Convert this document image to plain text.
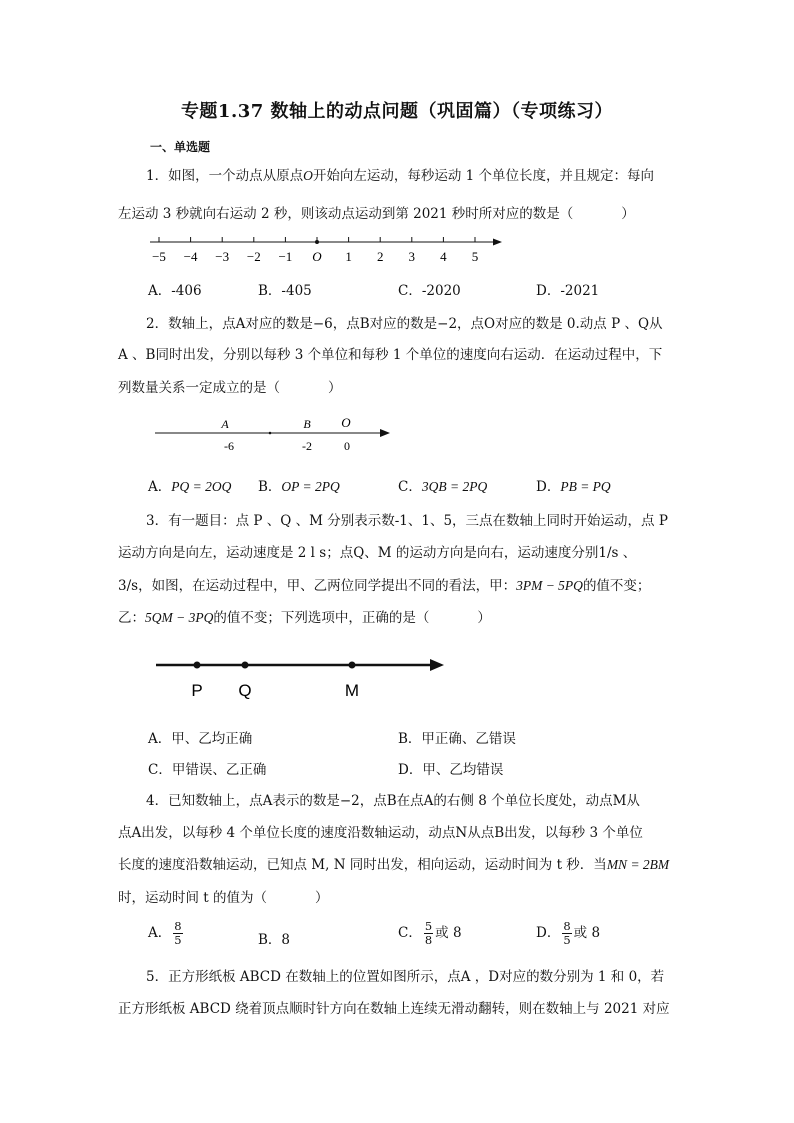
专题1.37 数轴上的动点问题（巩固篇）（专项练习）
一、单选题
1．如图，一个动点从原点O开始向左运动，每秒运动 1 个单位长度，并且规定：每向
左运动 3 秒就向右运动 2 秒，则该动点运动到第 2021 秒时所对应的数是（	）
−5 −4 −3 −2 −1 O 1 2 3 4 5
A．-406	B．-405	C．-2020	D．-2021
2．数轴上，点A对应的数是−6，点B对应的数是−2，点O对应的数是 0.动点 P 、Q从
A 、B同时出发，分别以每秒 3 个单位和每秒 1 个单位的速度向右运动．在运动过程中，下
列数量关系一定成立的是（	）
A	B O
-6	-2	0
A．PQ = 2OQ B．OP = 2PQ	C．3QB = 2PQ	D．PB = PQ
3．有一题目：点 P 、Q 、M 分别表示数-1、1、5，三点在数轴上同时开始运动，点 P
运动方向是向左，运动速度是 2 l s；点Q、M 的运动方向是向右，运动速度分别1/s 、
3/s，如图，在运动过程中，甲、乙两位同学提出不同的看法，甲：3PM − 5PQ的值不变；
乙：5QM − 3PQ的值不变；下列选项中，正确的是（	）
P Q	M
A．甲、乙均正确	B．甲正确、乙错误
C．甲错误、乙正确	D．甲、乙均错误
4．已知数轴上，点A表示的数是−2，点B在点A的右侧 8 个单位长度处，动点M从
点A出发，以每秒 4 个单位长度的速度沿数轴运动，动点N从点B出发，以每秒 3 个单位
长度的速度沿数轴运动，已知点 M, N 同时出发，相向运动，运动时间为 t 秒．当MN = 2BM
时，运动时间 t 的值为（	）
A． $\frac{8}{5}$	B．8	C． $\frac{5}{8}$ 或 8	D． $\frac{8}{5}$ 或 8
5．正方形纸板 ABCD 在数轴上的位置如图所示，点A ，D对应的数分别为 1 和 0，若
正方形纸板 ABCD 绕着顶点顺时针方向在数轴上连续无滑动翻转，则在数轴上与 2021 对应
